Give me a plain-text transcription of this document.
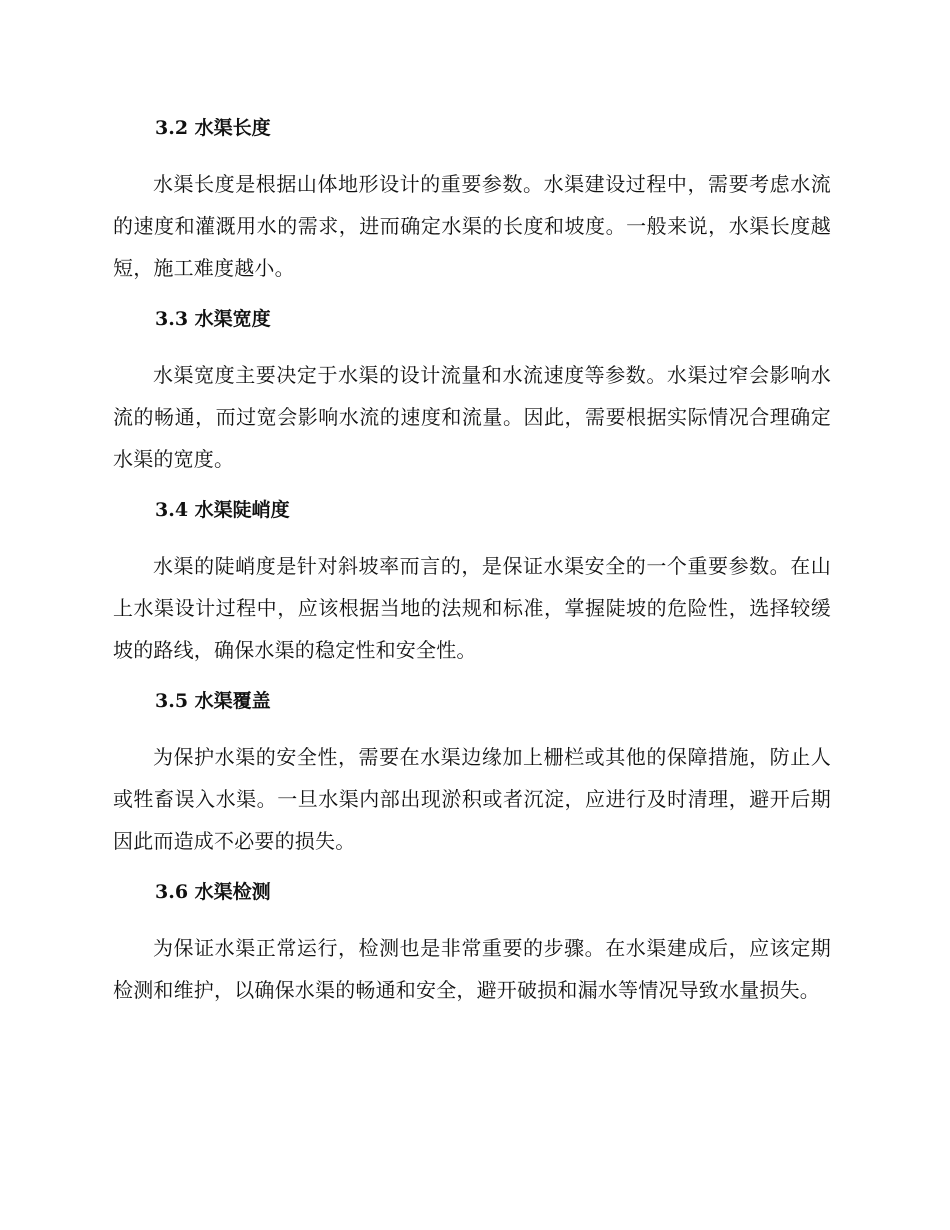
3.2 水渠长度

水渠长度是根据山体地形设计的重要参数。水渠建设过程中，需要考虑水流的速度和灌溉用水的需求，进而确定水渠的长度和坡度。一般来说，水渠长度越短，施工难度越小。

3.3 水渠宽度

水渠宽度主要决定于水渠的设计流量和水流速度等参数。水渠过窄会影响水流的畅通，而过宽会影响水流的速度和流量。因此，需要根据实际情况合理确定水渠的宽度。

3.4 水渠陡峭度

水渠的陡峭度是针对斜坡率而言的，是保证水渠安全的一个重要参数。在山上水渠设计过程中，应该根据当地的法规和标准，掌握陡坡的危险性，选择较缓坡的路线，确保水渠的稳定性和安全性。

3.5 水渠覆盖

为保护水渠的安全性，需要在水渠边缘加上栅栏或其他的保障措施，防止人或牲畜误入水渠。一旦水渠内部出现淤积或者沉淀，应进行及时清理，避开后期因此而造成不必要的损失。

3.6 水渠检测

为保证水渠正常运行，检测也是非常重要的步骤。在水渠建成后，应该定期检测和维护，以确保水渠的畅通和安全，避开破损和漏水等情况导致水量损失。
